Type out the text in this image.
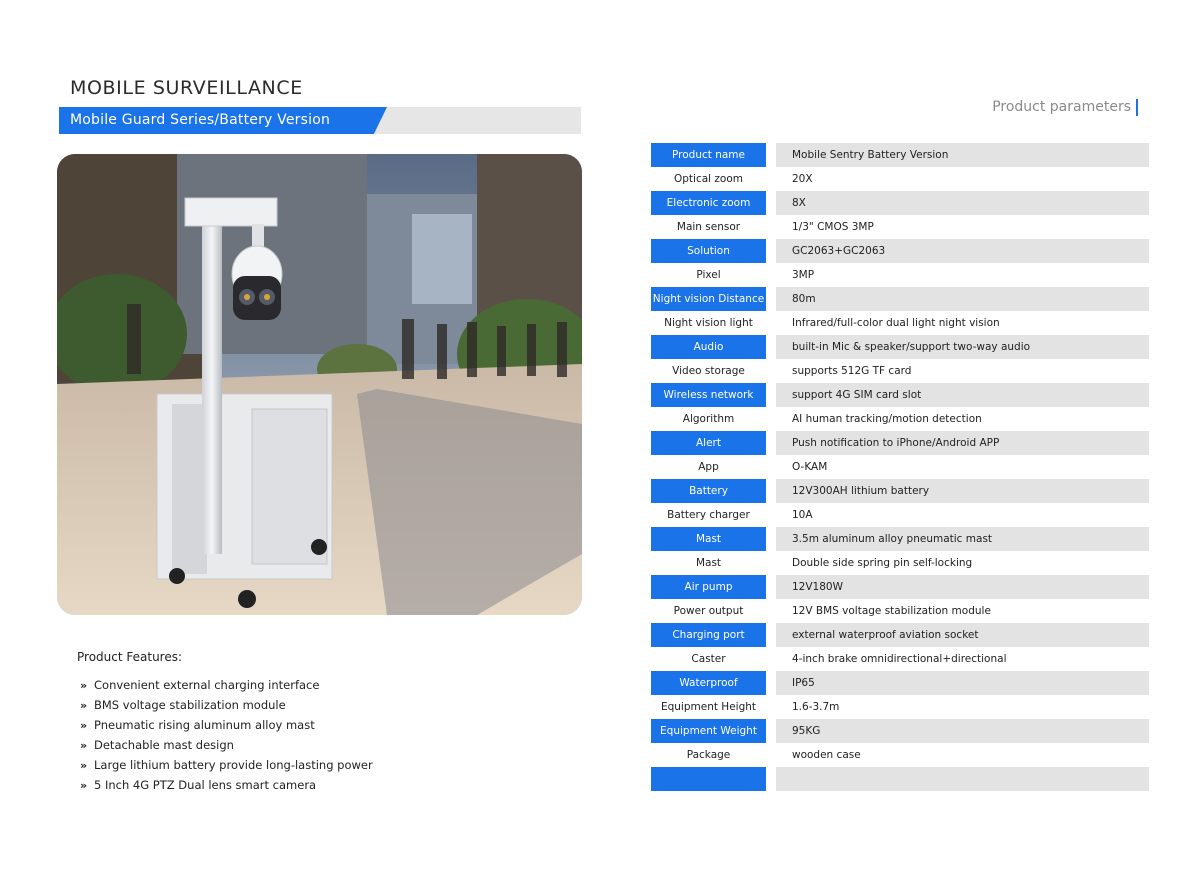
MOBILE SURVEILLANCE
Mobile Guard Series/Battery Version
Product Features:
» Convenient external charging interface
» BMS voltage stabilization module
» Pneumatic rising aluminum alloy mast
» Detachable mast design
» Large lithium battery provide long-lasting power
» 5 Inch 4G PTZ Dual lens smart camera
Product parameters
Product name	Mobile Sentry Battery Version
Optical zoom	20X
Electronic zoom	8X
Main sensor	1/3" CMOS 3MP
Solution	GC2063+GC2063
Pixel	3MP
Night vision Distance	80m
Night vision light	Infrared/full-color dual light night vision
Audio	built-in Mic & speaker/support two-way audio
Video storage	supports 512G TF card
Wireless network	support 4G SIM card slot
Algorithm	AI human tracking/motion detection
Alert	Push notification to iPhone/Android APP
App	O-KAM
Battery	12V300AH lithium battery
Battery charger	10A
Mast	3.5m aluminum alloy pneumatic mast
Mast	Double side spring pin self-locking
Air pump	12V180W
Power output	12V BMS voltage stabilization module
Charging port	external waterproof aviation socket
Caster	4-inch brake omnidirectional+directional
Waterproof	IP65
Equipment Height	1.6-3.7m
Equipment Weight	95KG
Package	wooden case
